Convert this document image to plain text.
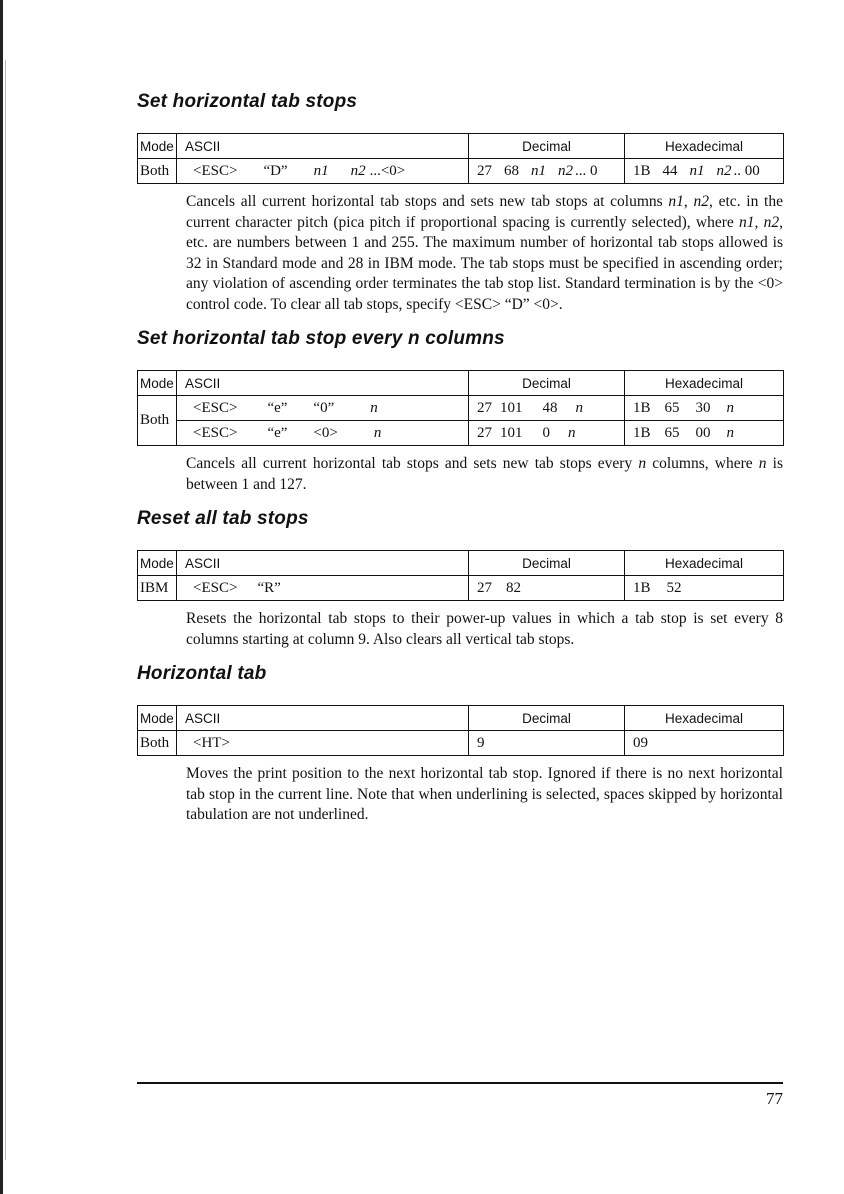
Set horizontal tab stops
Mode	ASCII	Decimal	Hexadecimal
Both	<ESC> “D” n1 n2 ...<0>	27 68 n1 n2 ... 0	1B 44 n1 n2 .. 00

Cancels all current horizontal tab stops and sets new tab stops at columns n1, n2, etc. in the current character pitch (pica pitch if proportional spacing is currently selected), where n1, n2, etc. are numbers between 1 and 255. The maximum number of horizontal tab stops allowed is 32 in Standard mode and 28 in IBM mode. The tab stops must be specified in ascending order; any violation of ascending order terminates the tab stop list. Standard termination is by the <0> control code. To clear all tab stops, specify <ESC> “D” <0>.

Set horizontal tab stop every n columns
Mode	ASCII	Decimal	Hexadecimal
Both	<ESC> “e” “0” n	27 101 48 n	1B 65 30 n
	<ESC> “e” <0> n	27 101 0 n	1B 65 00 n

Cancels all current horizontal tab stops and sets new tab stops every n columns, where n is between 1 and 127.

Reset all tab stops
Mode	ASCII	Decimal	Hexadecimal
IBM	<ESC> “R”	27 82	1B 52

Resets the horizontal tab stops to their power-up values in which a tab stop is set every 8 columns starting at column 9. Also clears all vertical tab stops.

Horizontal tab
Mode	ASCII	Decimal	Hexadecimal
Both	<HT>	9	09

Moves the print position to the next horizontal tab stop. Ignored if there is no next horizontal tab stop in the current line. Note that when underlining is selected, spaces skipped by horizontal tabulation are not underlined.

77
